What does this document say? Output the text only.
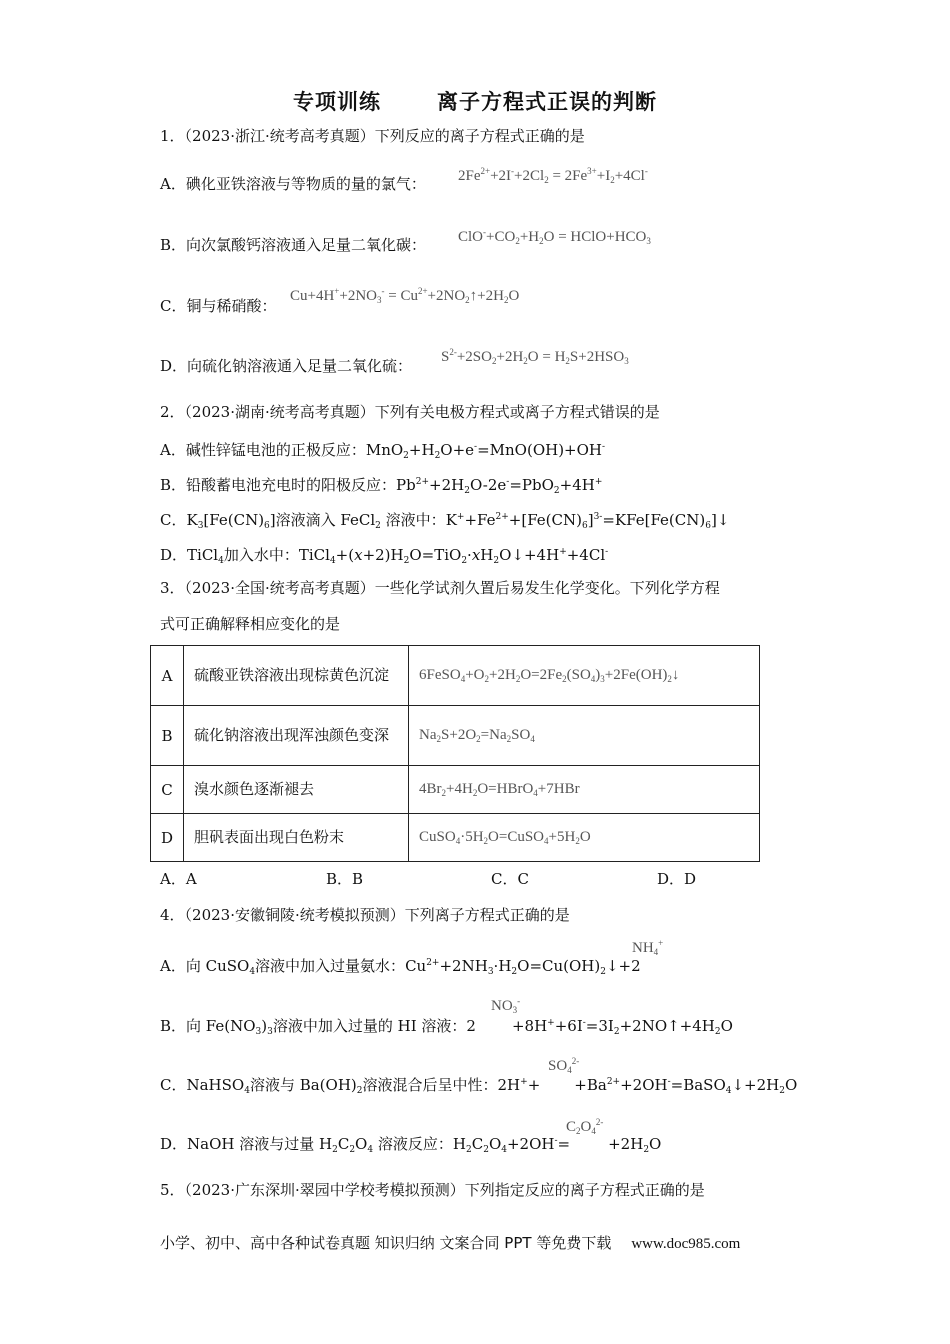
专项训练	离子方程式正误的判断
1．（2023·浙江·统考高考真题）下列反应的离子方程式正确的是
A．碘化亚铁溶液与等物质的量的氯气： $2Fe^{2+}+2I^-+2Cl_2 = 2Fe^{3+}+I_2+4Cl^-$
B．向次氯酸钙溶液通入足量二氧化碳： $ClO^-+CO_2+H_2O$ = $HClO+HCO_3$
C．铜与稀硝酸：
$Cu+4H^++2NO_3^-$ = $Cu^{2+}+2NO_2↑+2H_2O$
D．向硫化钠溶液通入足量二氧化硫： $S^{2-}+2SO_2+2H_2O = H_2S+2HSO_3$
2．（2023·湖南·统考高考真题）下列有关电极方程式或离子方程式错误的是
A．碱性锌锰电池的正极反应：$MnO_2+H_2O+e^-=MnO(OH)+OH^-$
B．铅酸蓄电池充电时的阳极反应：$Pb^{2+}+2H_2O-2e^-=PbO_2+4H^+$
C．$K_3[Fe(CN)_6]$溶液滴入 FeCl$_2$ 溶液中：$K^++Fe^{2+}+[Fe(CN)_6]^{3-}=KFe[Fe(CN)_6]↓$
D．TiCl$_4$加入水中：$TiCl_4+(x+2)H_2O=TiO_2\cdot xH_2O↓+4H^++4Cl^-$
3．（2023·全国·统考高考真题）一些化学试剂久置后易发生化学变化。下列化学方程
式可正确解释相应变化的是
A	硫酸亚铁溶液出现棕黄色沉淀	$6FeSO_4+O_2+2H_2O=2Fe_2(SO_4)_3+2Fe(OH)_2↓$
B	硫化钠溶液出现浑浊颜色变深	$Na_2S+2O_2=Na_2SO_4$
C	溴水颜色逐渐褪去	$4Br_2+4H_2O=HBrO_4+7HBr$
D	胆矾表面出现白色粉末	$CuSO_4\cdot 5H_2O=CuSO_4+5H_2O$
A．A	B．B	C．C	D．D
4．（2023·安徽铜陵·统考模拟预测）下列离子方程式正确的是
A．向 CuSO$_4$溶液中加入过量氨水：$Cu^{2+}+2NH_3\cdot H_2O=Cu(OH)_2↓+2$
$NH_4^+$
B．向 $Fe(NO_3)_3$溶液中加入过量的 HI 溶液：$2 +8H^++6I^-=3I_2+2NO↑+4H_2O$
$NO_3^-$
C．NaHSO$_4$溶液与 $Ba(OH)_2$溶液混合后呈中性：$2H^++ +Ba^{2+}+2OH^-=BaSO_4↓+2H_2O$
$SO_4^{2-}$
D．NaOH 溶液与过量 $H_2C_2O_4$ 溶液反应：$H_2C_2O_4+2OH^-=$	$+2H_2O$
$C_2O_4^{2-}$
5．（2023·广东深圳·翠园中学校考模拟预测）下列指定反应的离子方程式正确的是
小学、初中、高中各种试卷真题 知识归纳 文案合同 PPT 等免费下载 www.doc985.com
